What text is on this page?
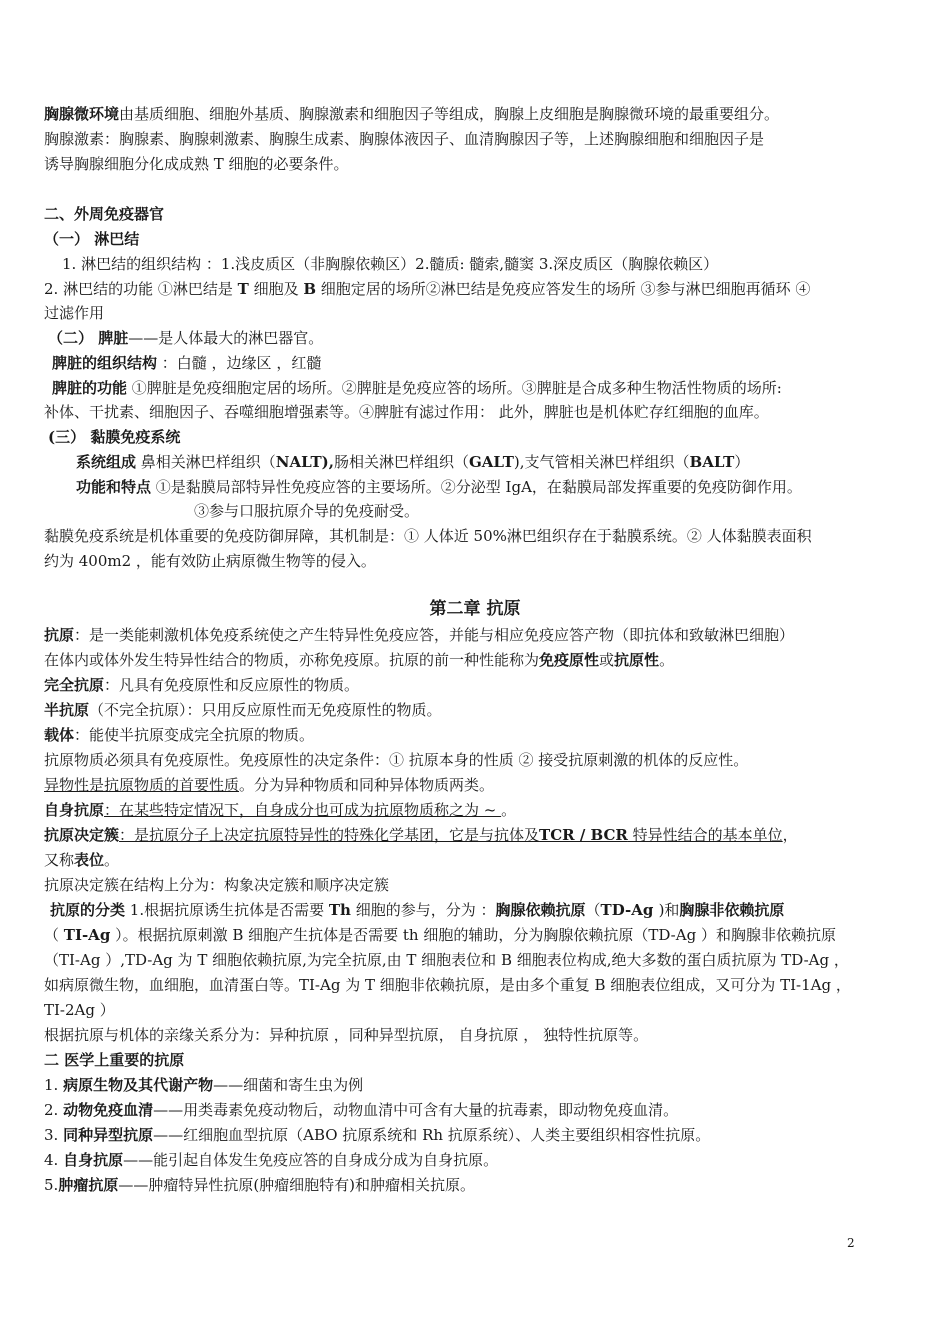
胸腺微环境由基质细胞、细胞外基质、胸腺激素和细胞因子等组成，胸腺上皮细胞是胸腺微环境的最重要组分。
胸腺激素：胸腺素、胸腺刺激素、胸腺生成素、胸腺体液因子、血清胸腺因子等，上述胸腺细胞和细胞因子是
诱导胸腺细胞分化成成熟 T 细胞的必要条件。
二、外周免疫器官
（一） 淋巴结
1. 淋巴结的组织结构 ：1.浅皮质区（非胸腺依赖区）2.髓质: 髓索,髓窦 3.深皮质区（胸腺依赖区）
2. 淋巴结的功能 ①淋巴结是 T 细胞及 B 细胞定居的场所②淋巴结是免疫应答发生的场所 ③参与淋巴细胞再循环 ④
过滤作用
（二） 脾脏——是人体最大的淋巴器官。
脾脏的组织结构 ：白髓 ，边缘区 ，红髓
脾脏的功能 ①脾脏是免疫细胞定居的场所。②脾脏是免疫应答的场所。③脾脏是合成多种生物活性物质的场所:
补体、干扰素、细胞因子、吞噬细胞增强素等。④脾脏有滤过作用： 此外，脾脏也是机体贮存红细胞的血库。
(三） 黏膜免疫系统
系统组成 鼻相关淋巴样组织（NALT),肠相关淋巴样组织（GALT),支气管相关淋巴样组织（BALT）
功能和特点 ①是黏膜局部特异性免疫应答的主要场所。②分泌型 IgA，在黏膜局部发挥重要的免疫防御作用。
③参与口服抗原介导的免疫耐受。
黏膜免疫系统是机体重要的免疫防御屏障，其机制是：① 人体近 50%淋巴组织存在于黏膜系统。② 人体黏膜表面积
约为 400m2 ，能有效防止病原微生物等的侵入。
抗原：是一类能刺激机体免疫系统使之产生特异性免疫应答，并能与相应免疫应答产物（即抗体和致敏淋巴细胞）
在体内或体外发生特异性结合的物质，亦称免疫原。抗原的前一种性能称为免疫原性或抗原性。
完全抗原：凡具有免疫原性和反应原性的物质。
半抗原（不完全抗原）：只用反应原性而无免疫原性的物质。
载体：能使半抗原变成完全抗原的物质。
抗原物质必须具有免疫原性。免疫原性的决定条件：① 抗原本身的性质 ② 接受抗原刺激的机体的反应性。
异物性是抗原物质的首要性质。分为异种物质和同种异体物质两类。
自身抗原：在某些特定情况下，自身成分也可成为抗原物质称之为 ~ 。
抗原决定簇：是抗原分子上决定抗原特异性的特殊化学基团，它是与抗体及TCR / BCR 特异性结合的基本单位，
又称表位。
抗原决定簇在结构上分为：构象决定簇和顺序决定簇
抗原的分类 1.根据抗原诱生抗体是否需要 Th 细胞的参与，分为 ：胸腺依赖抗原（TD-Ag )和胸腺非依赖抗原
（ TI-Ag ）。根据抗原刺激 B 细胞产生抗体是否需要 th 细胞的辅助，分为胸腺依赖抗原（TD-Ag ）和胸腺非依赖抗原
（TI-Ag ）,TD-Ag 为 T 细胞依赖抗原,为完全抗原,由 T 细胞表位和 B 细胞表位构成,绝大多数的蛋白质抗原为 TD-Ag ，
如病原微生物，血细胞，血清蛋白等。TI-Ag 为 T 细胞非依赖抗原，是由多个重复 B 细胞表位组成，又可分为 TI-1Ag ，
TI-2Ag ）
根据抗原与机体的亲缘关系分为：异种抗原 ，同种异型抗原， 自身抗原 ， 独特性抗原等。
二 医学上重要的抗原
1. 病原生物及其代谢产物——细菌和寄生虫为例
2. 动物免疫血清——用类毒素免疫动物后，动物血清中可含有大量的抗毒素，即动物免疫血清。
3. 同种异型抗原——红细胞血型抗原（ABO 抗原系统和 Rh 抗原系统）、人类主要组织相容性抗原。
4. 自身抗原——能引起自体发生免疫应答的自身成分成为自身抗原。
5.肿瘤抗原——肿瘤特异性抗原(肿瘤细胞特有)和肿瘤相关抗原。
第二章 抗原
2
